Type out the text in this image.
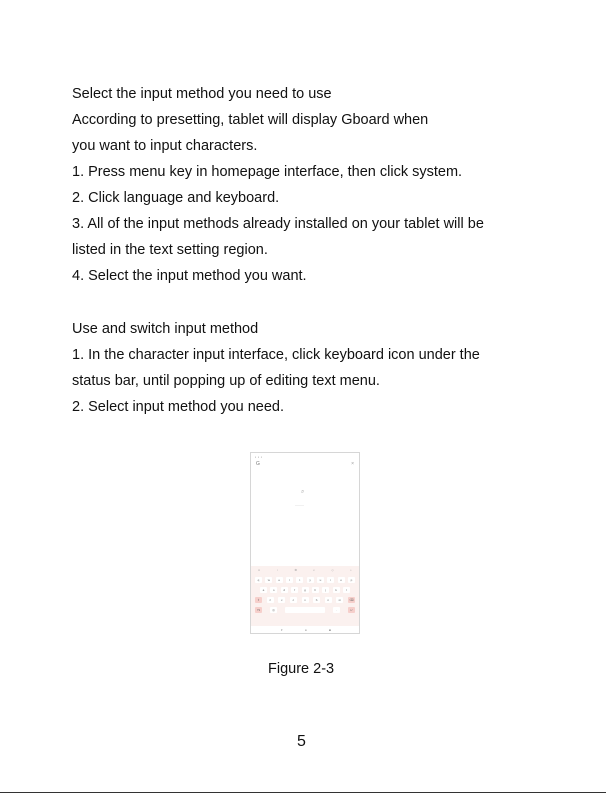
Select the input method you need to use
According to presetting, tablet will display Gboard when
you want to input characters.
1. Press menu key in homepage interface, then click system.
2. Click language and keyboard.
3. All of the input methods already installed on your tablet will be
listed in the text setting region.
4. Select the input method you want.
Use and switch input method
1. In the character input interface, click keyboard icon under the
status bar, until popping up of editing text menu.
2. Select input method you need.
▪ ▪ ▪
G	×
⌕
———
☺	▫	⚙	◐	◇	•
q	w	e	r	t	y	u	i	o	p
a	s	d	f	g	h	j	k	l
⇧	z	x	c	v	b	n	m	⌫
?1	◎	.	↵
▾	●	■
Figure 2-3
5
